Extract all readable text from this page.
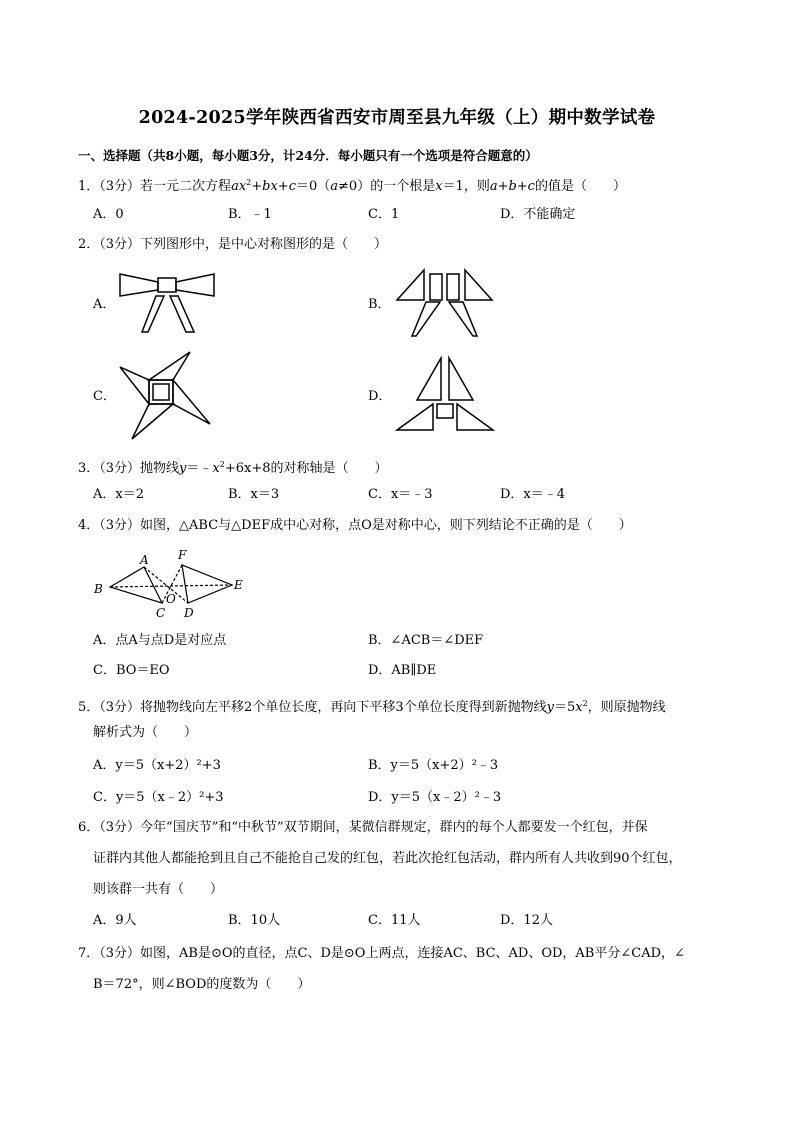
2024-2025学年陕西省西安市周至县九年级（上）期中数学试卷
一、选择题（共8小题，每小题3分，计24分．每小题只有一个选项是符合题意的）
1．（3分）若一元二次方程$ax^2+bx+c=0(a\ne 0)$的一个根是x＝1，则a+b+c的值是（　　）
A．0	B．﹣1	C．1	D．不能确定
2．（3分）下列图形中，是中心对称图形的是（　　）
A．	B．
C．	D．
3．（3分）抛物线$y=﹣x^2+6x+8$的对称轴是（　　）
A．x＝2	B．x＝3	C．x＝﹣3	D．x＝﹣4
4．（3分）如图，△ABC与△DEF成中心对称，点O是对称中心，则下列结论不正确的是（　　）
B
A
C
F
E
D
O
A．点A与点D是对应点	B．∠ACB＝∠DEF
C．BO＝EO	D．AB∥DE
5．（3分）将抛物线向左平移2个单位长度，再向下平移3个单位长度得到新抛物线$y=5x^2$，则原抛物线
解析式为（　　）
A．y＝5（x+2）²+3	B．y＝5（x+2）²﹣3
C．y＝5（x﹣2）²+3	D．y＝5（x﹣2）²﹣3
6．（3分）今年“国庆节”和“中秋节”双节期间，某微信群规定，群内的每个人都要发一个红包，并保
证群内其他人都能抢到且自己不能抢自己发的红包，若此次抢红包活动，群内所有人共收到90个红包，
则该群一共有（　　）
A．9人	B．10人	C．11人	D．12人
7．（3分）如图，AB是⊙O的直径，点C、D是⊙O上两点，连接AC、BC、AD、OD，AB平分∠CAD，∠
B＝72°，则∠BOD的度数为（　　）
